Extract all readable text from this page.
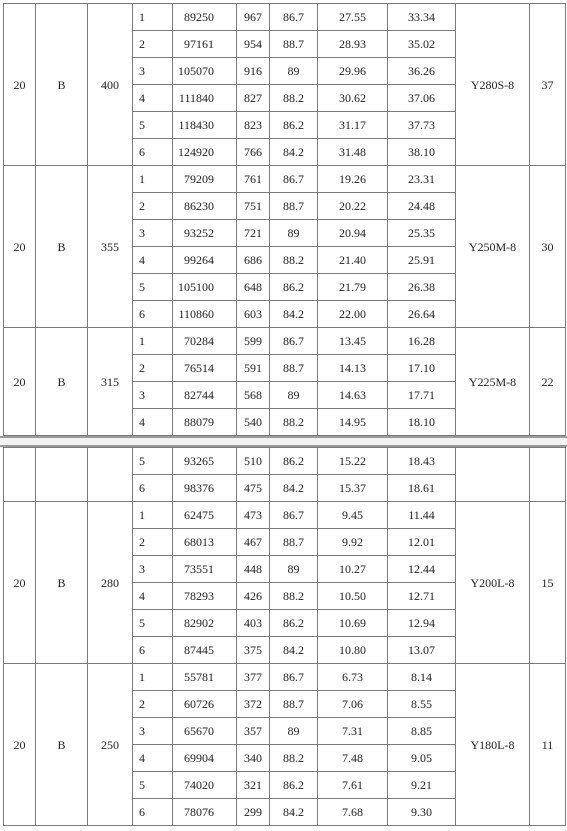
20	B	400	1	89250	967	86.7	27.55	33.34	Y280S-8	37
			2	97161	954	88.7	28.93	35.02		
			3	105070	916	89	29.96	36.26		
			4	111840	827	88.2	30.62	37.06		
			5	118430	823	86.2	31.17	37.73		
			6	124920	766	84.2	31.48	38.10		
20	B	355	1	79209	761	86.7	19.26	23.31	Y250M-8	30
			2	86230	751	88.7	20.22	24.48		
			3	93252	721	89	20.94	25.35		
			4	99264	686	88.2	21.40	25.91		
			5	105100	648	86.2	21.79	26.38		
			6	110860	603	84.2	22.00	26.64		
20	B	315	1	70284	599	86.7	13.45	16.28	Y225M-8	22
			2	76514	591	88.7	14.13	17.10		
			3	82744	568	89	14.63	17.71		
			4	88079	540	88.2	14.95	18.10		
			5	93265	510	86.2	15.22	18.43		
			6	98376	475	84.2	15.37	18.61		
20	B	280	1	62475	473	86.7	9.45	11.44	Y200L-8	15
			2	68013	467	88.7	9.92	12.01		
			3	73551	448	89	10.27	12.44		
			4	78293	426	88.2	10.50	12.71		
			5	82902	403	86.2	10.69	12.94		
			6	87445	375	84.2	10.80	13.07		
20	B	250	1	55781	377	86.7	6.73	8.14	Y180L-8	11
			2	60726	372	88.7	7.06	8.55		
			3	65670	357	89	7.31	8.85		
			4	69904	340	88.2	7.48	9.05		
			5	74020	321	86.2	7.61	9.21		
			6	78076	299	84.2	7.68	9.30		
